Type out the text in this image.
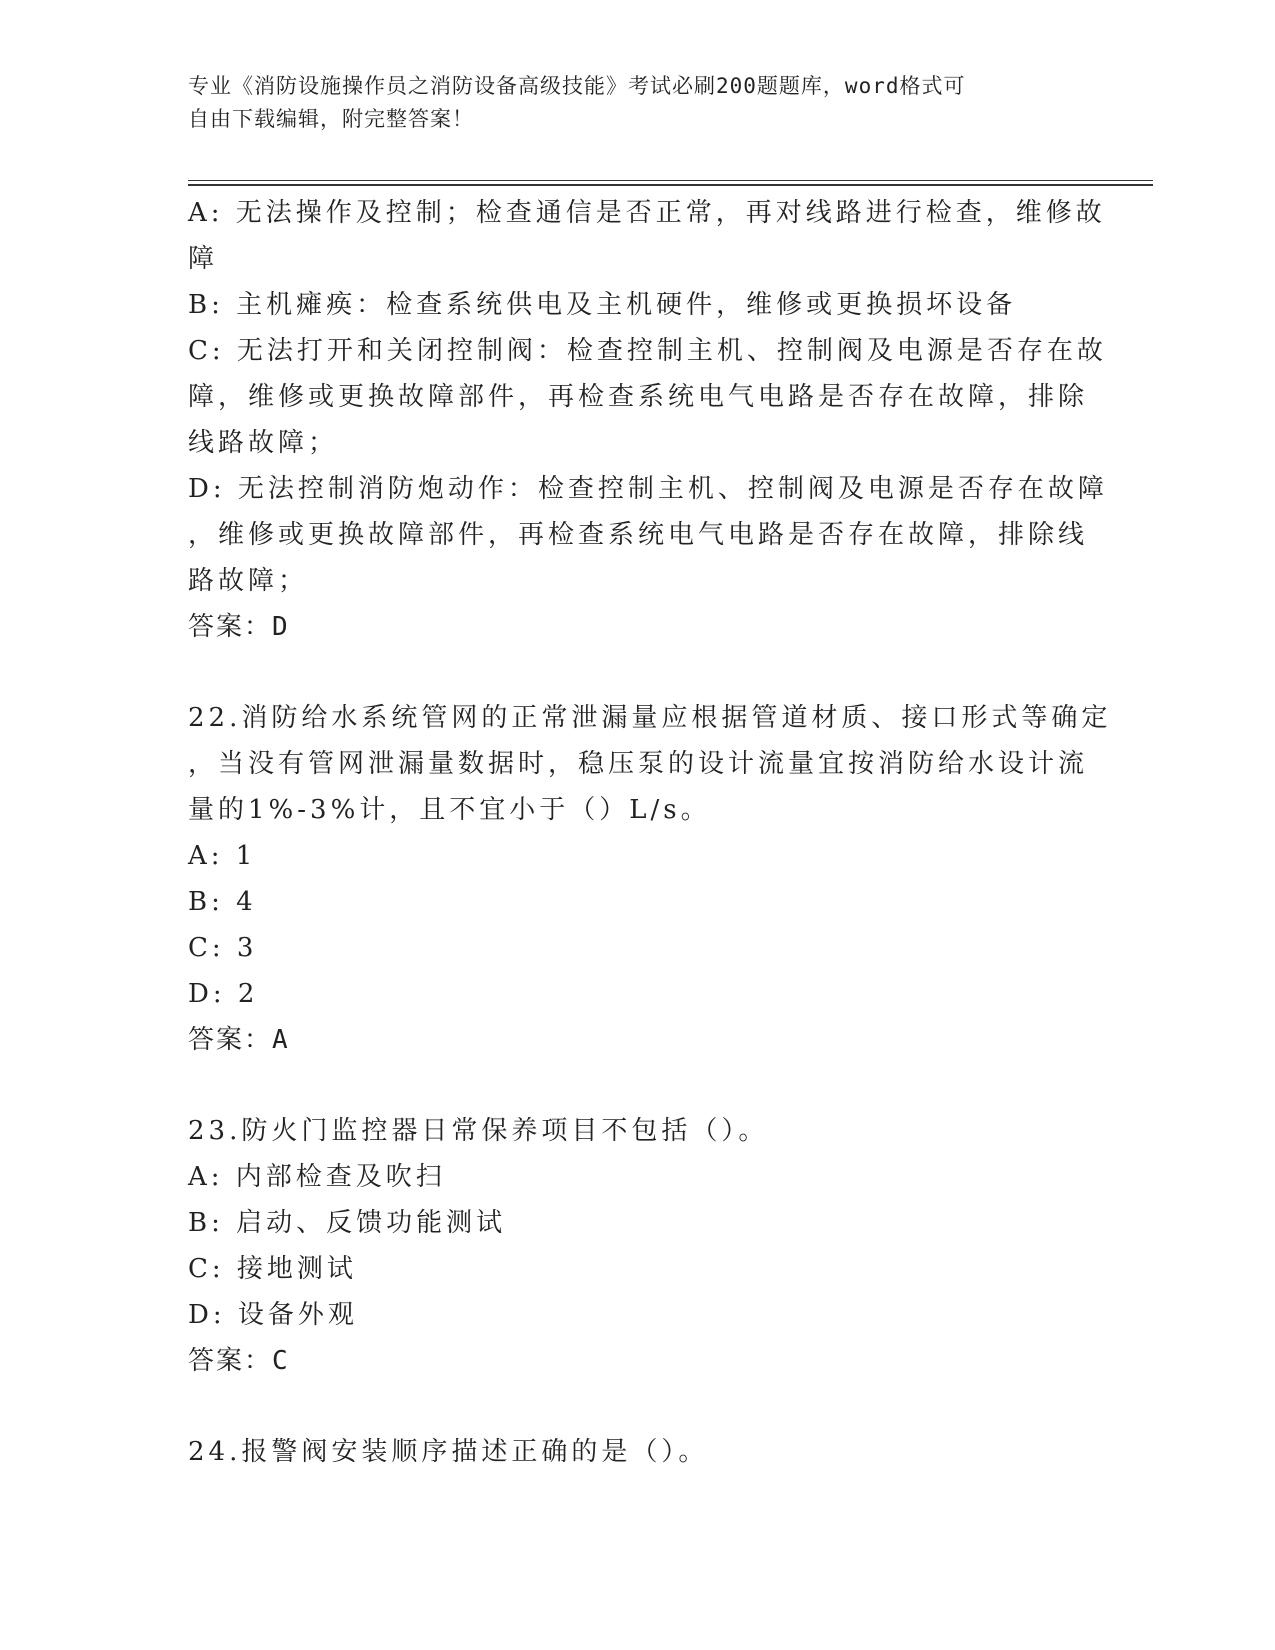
专业《消防设施操作员之消防设备高级技能》考试必刷200题题库，word格式可
自由下载编辑，附完整答案！
A: 无法操作及控制；检查通信是否正常，再对线路进行检查，维修故
障
B: 主机瘫痪：检查系统供电及主机硬件，维修或更换损坏设备
C: 无法打开和关闭控制阀：检查控制主机、控制阀及电源是否存在故
障，维修或更换故障部件，再检查系统电气电路是否存在故障，排除
线路故障；
D: 无法控制消防炮动作：检查控制主机、控制阀及电源是否存在故障
，维修或更换故障部件，再检查系统电气电路是否存在故障，排除线
路故障；
答案：D
22.消防给水系统管网的正常泄漏量应根据管道材质、接口形式等确定
，当没有管网泄漏量数据时，稳压泵的设计流量宜按消防给水设计流
量的1%-3%计，且不宜小于（）L/s。
A: 1
B: 4
C: 3
D: 2
答案：A
23.防火门监控器日常保养项目不包括（）。
A: 内部检查及吹扫
B: 启动、反馈功能测试
C: 接地测试
D: 设备外观
答案：C
24.报警阀安装顺序描述正确的是（）。
